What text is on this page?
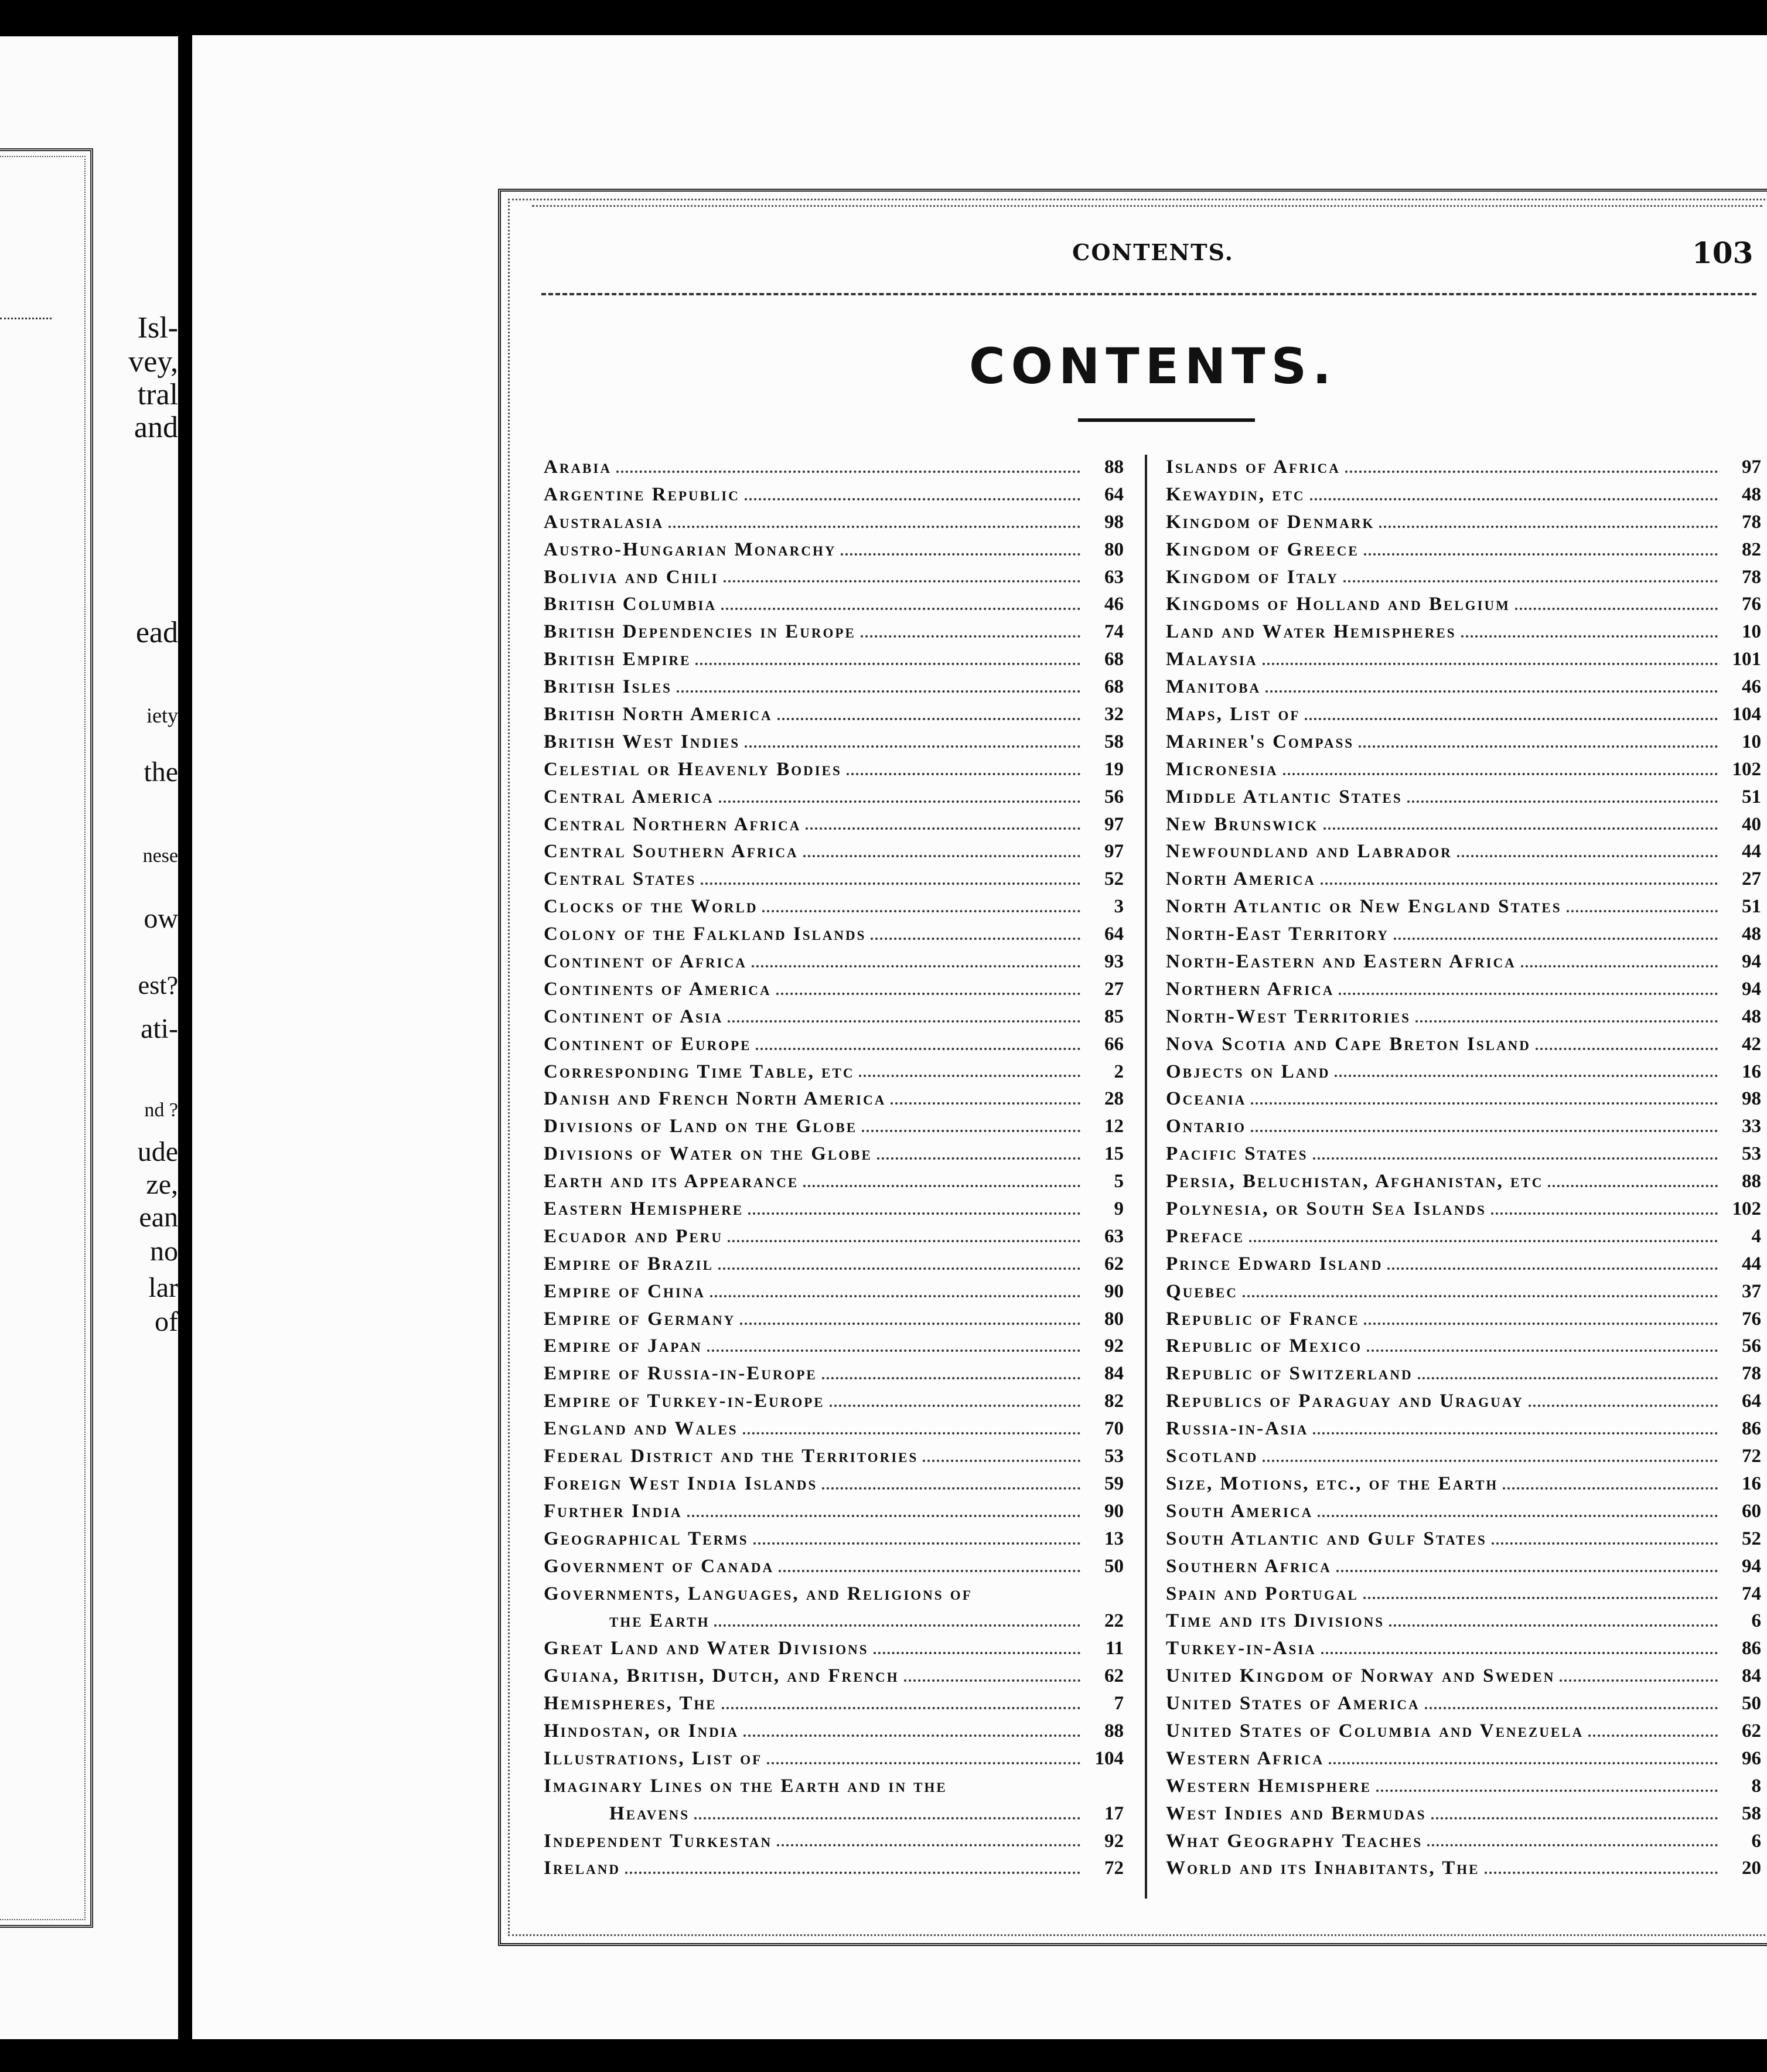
Isl-
vey,
tral
and
ead
iety
the
nese
ow
est?
ati-
nd ?
ude
ze,
ean
no
lar
of
CONTENTS.	103
CONTENTS.
Arabia	88
Argentine Republic	64
Australasia	98
Austro-Hungarian Monarchy	80
Bolivia and Chili	63
British Columbia	46
British Dependencies in Europe	74
British Empire	68
British Isles	68
British North America	32
British West Indies	58
Celestial or Heavenly Bodies	19
Central America	56
Central Northern Africa	97
Central Southern Africa	97
Central States	52
Clocks of the World	3
Colony of the Falkland Islands	64
Continent of Africa	93
Continents of America	27
Continent of Asia	85
Continent of Europe	66
Corresponding Time Table, etc	2
Danish and French North America	28
Divisions of Land on the Globe	12
Divisions of Water on the Globe	15
Earth and its Appearance	5
Eastern Hemisphere	9
Ecuador and Peru	63
Empire of Brazil	62
Empire of China	90
Empire of Germany	80
Empire of Japan	92
Empire of Russia-in-Europe	84
Empire of Turkey-in-Europe	82
England and Wales	70
Federal District and the Territories	53
Foreign West India Islands	59
Further India	90
Geographical Terms	13
Government of Canada	50
Governments, Languages, and Religions of
the Earth	22
Great Land and Water Divisions	11
Guiana, British, Dutch, and French	62
Hemispheres, The	7
Hindostan, or India	88
Illustrations, List of	104
Imaginary Lines on the Earth and in the
Heavens	17
Independent Turkestan	92
Ireland	72
Islands of Africa	97
Kewaydin, etc	48
Kingdom of Denmark	78
Kingdom of Greece	82
Kingdom of Italy	78
Kingdoms of Holland and Belgium	76
Land and Water Hemispheres	10
Malaysia	101
Manitoba	46
Maps, List of	104
Mariner's Compass	10
Micronesia	102
Middle Atlantic States	51
New Brunswick	40
Newfoundland and Labrador	44
North America	27
North Atlantic or New England States	51
North-East Territory	48
North-Eastern and Eastern Africa	94
Northern Africa	94
North-West Territories	48
Nova Scotia and Cape Breton Island	42
Objects on Land	16
Oceania	98
Ontario	33
Pacific States	53
Persia, Beluchistan, Afghanistan, etc	88
Polynesia, or South Sea Islands	102
Preface	4
Prince Edward Island	44
Quebec	37
Republic of France	76
Republic of Mexico	56
Republic of Switzerland	78
Republics of Paraguay and Uraguay	64
Russia-in-Asia	86
Scotland	72
Size, Motions, etc., of the Earth	16
South America	60
South Atlantic and Gulf States	52
Southern Africa	94
Spain and Portugal	74
Time and its Divisions	6
Turkey-in-Asia	86
United Kingdom of Norway and Sweden	84
United States of America	50
United States of Columbia and Venezuela	62
Western Africa	96
Western Hemisphere	8
West Indies and Bermudas	58
What Geography Teaches	6
World and its Inhabitants, The	20
